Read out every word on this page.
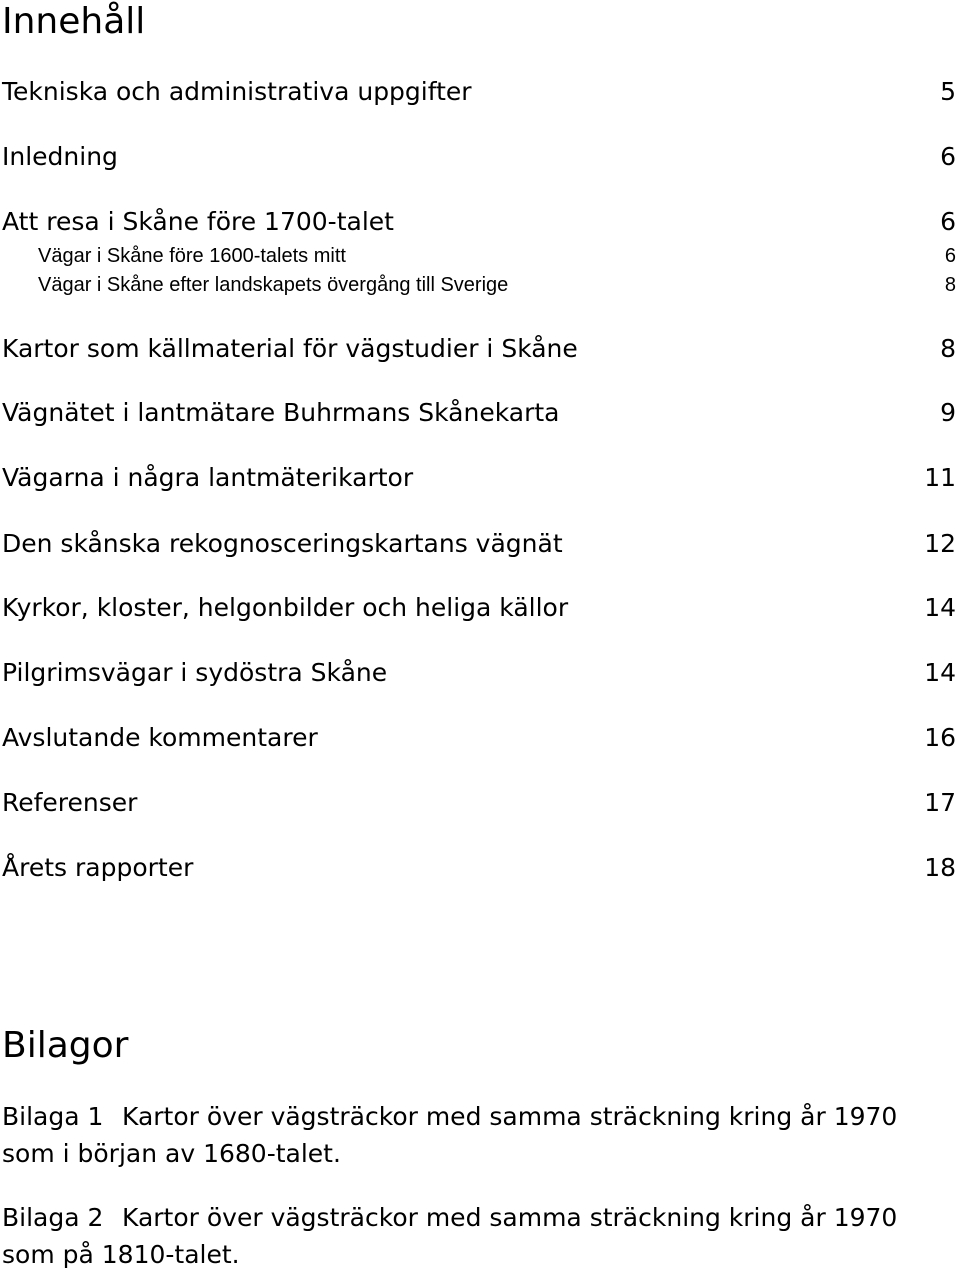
Innehåll
Tekniska och administrativa uppgifter	5
Inledning	6
Att resa i Skåne före 1700-talet	6
Vägar i Skåne före 1600-talets mitt	6
Vägar i Skåne efter landskapets övergång till Sverige	8
Kartor som källmaterial för vägstudier i Skåne	8
Vägnätet i lantmätare Buhrmans Skånekarta	9
Vägarna i några lantmäterikartor	11
Den skånska rekognosceringskartans vägnät	12
Kyrkor, kloster, helgonbilder och heliga källor	14
Pilgrimsvägar i sydöstra Skåne	14
Avslutande kommentarer	16
Referenser	17
Årets rapporter	18
Bilagor
Bilaga 1 Kartor över vägsträckor med samma sträckning kring år 1970 som i början av 1680-talet.
Bilaga 2 Kartor över vägsträckor med samma sträckning kring år 1970 som på 1810-talet.
